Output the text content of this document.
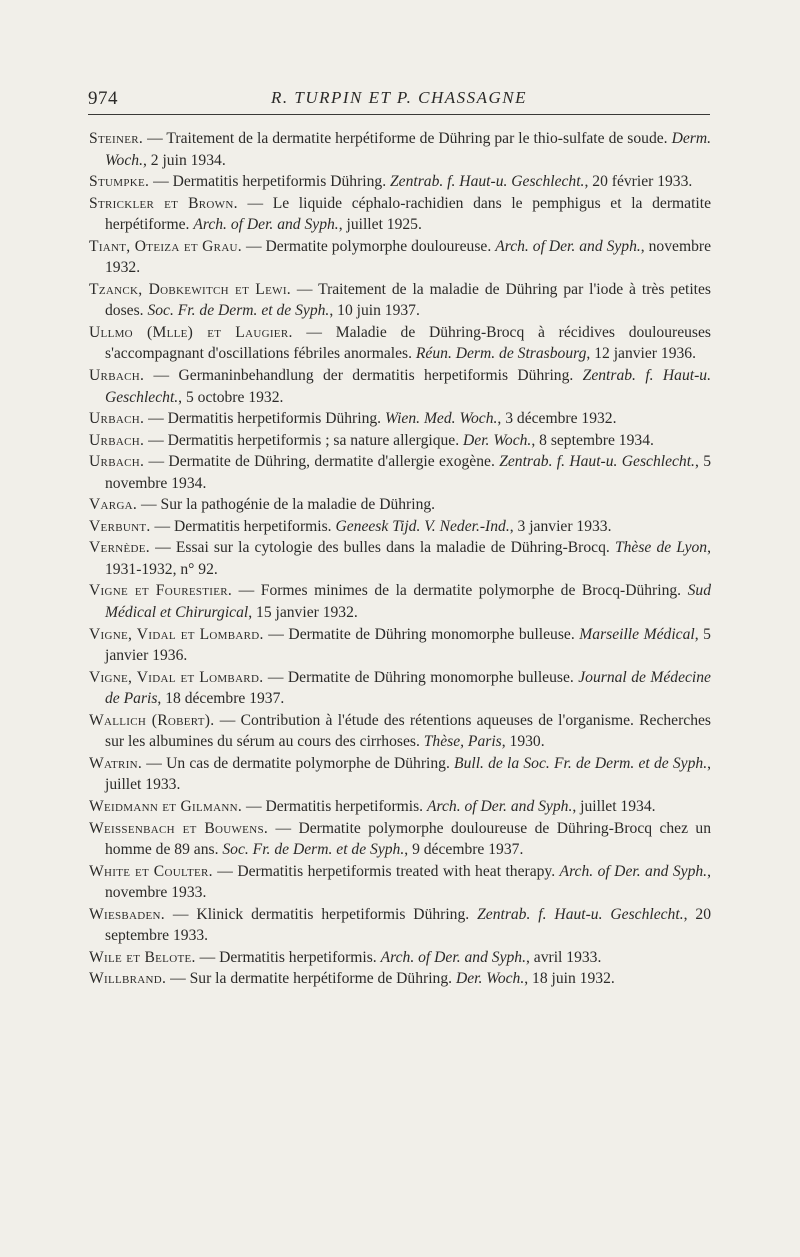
974	R. TURPIN ET P. CHASSAGNE

Steiner. — Traitement de la dermatite herpétiforme de Dühring par le thio-sulfate de soude. Derm. Woch., 2 juin 1934.

Stumpke. — Dermatitis herpetiformis Dühring. Zentrab. f. Haut-u. Geschlecht., 20 février 1933.

Strickler et Brown. — Le liquide céphalo-rachidien dans le pemphigus et la dermatite herpétiforme. Arch. of Der. and Syph., juillet 1925.

Tiant, Oteiza et Grau. — Dermatite polymorphe douloureuse. Arch. of Der. and Syph., novembre 1932.

Tzanck, Dobkewitch et Lewi. — Traitement de la maladie de Dühring par l'iode à très petites doses. Soc. Fr. de Derm. et de Syph., 10 juin 1937.

Ullmo (Mlle) et Laugier. — Maladie de Dühring-Brocq à récidives douloureuses s'accompagnant d'oscillations fébriles anormales. Réun. Derm. de Strasbourg, 12 janvier 1936.

Urbach. — Germaninbehandlung der dermatitis herpetiformis Dühring. Zentrab. f. Haut-u. Geschlecht., 5 octobre 1932.

Urbach. — Dermatitis herpetiformis Dühring. Wien. Med. Woch., 3 décembre 1932.

Urbach. — Dermatitis herpetiformis ; sa nature allergique. Der. Woch., 8 septembre 1934.

Urbach. — Dermatite de Dühring, dermatite d'allergie exogène. Zentrab. f. Haut-u. Geschlecht., 5 novembre 1934.

Varga. — Sur la pathogénie de la maladie de Dühring.

Verbunt. — Dermatitis herpetiformis. Geneesk Tijd. V. Neder.-Ind., 3 janvier 1933.

Vernède. — Essai sur la cytologie des bulles dans la maladie de Dühring-Brocq. Thèse de Lyon, 1931-1932, n° 92.

Vigne et Fourestier. — Formes minimes de la dermatite polymorphe de Brocq-Dühring. Sud Médical et Chirurgical, 15 janvier 1932.

Vigne, Vidal et Lombard. — Dermatite de Dühring monomorphe bulleuse. Marseille Médical, 5 janvier 1936.

Vigne, Vidal et Lombard. — Dermatite de Dühring monomorphe bulleuse. Journal de Médecine de Paris, 18 décembre 1937.

Wallich (Robert). — Contribution à l'étude des rétentions aqueuses de l'organisme. Recherches sur les albumines du sérum au cours des cirrhoses. Thèse, Paris, 1930.

Watrin. — Un cas de dermatite polymorphe de Dühring. Bull. de la Soc. Fr. de Derm. et de Syph., juillet 1933.

Weidmann et Gilmann. — Dermatitis herpetiformis. Arch. of Der. and Syph., juillet 1934.

Weissenbach et Bouwens. — Dermatite polymorphe douloureuse de Dühring-Brocq chez un homme de 89 ans. Soc. Fr. de Derm. et de Syph., 9 décembre 1937.

White et Coulter. — Dermatitis herpetiformis treated with heat therapy. Arch. of Der. and Syph., novembre 1933.

Wiesbaden. — Klinick dermatitis herpetiformis Dühring. Zentrab. f. Haut-u. Geschlecht., 20 septembre 1933.

Wile et Belote. — Dermatitis herpetiformis. Arch. of Der. and Syph., avril 1933.

Willbrand. — Sur la dermatite herpétiforme de Dühring. Der. Woch., 18 juin 1932.
